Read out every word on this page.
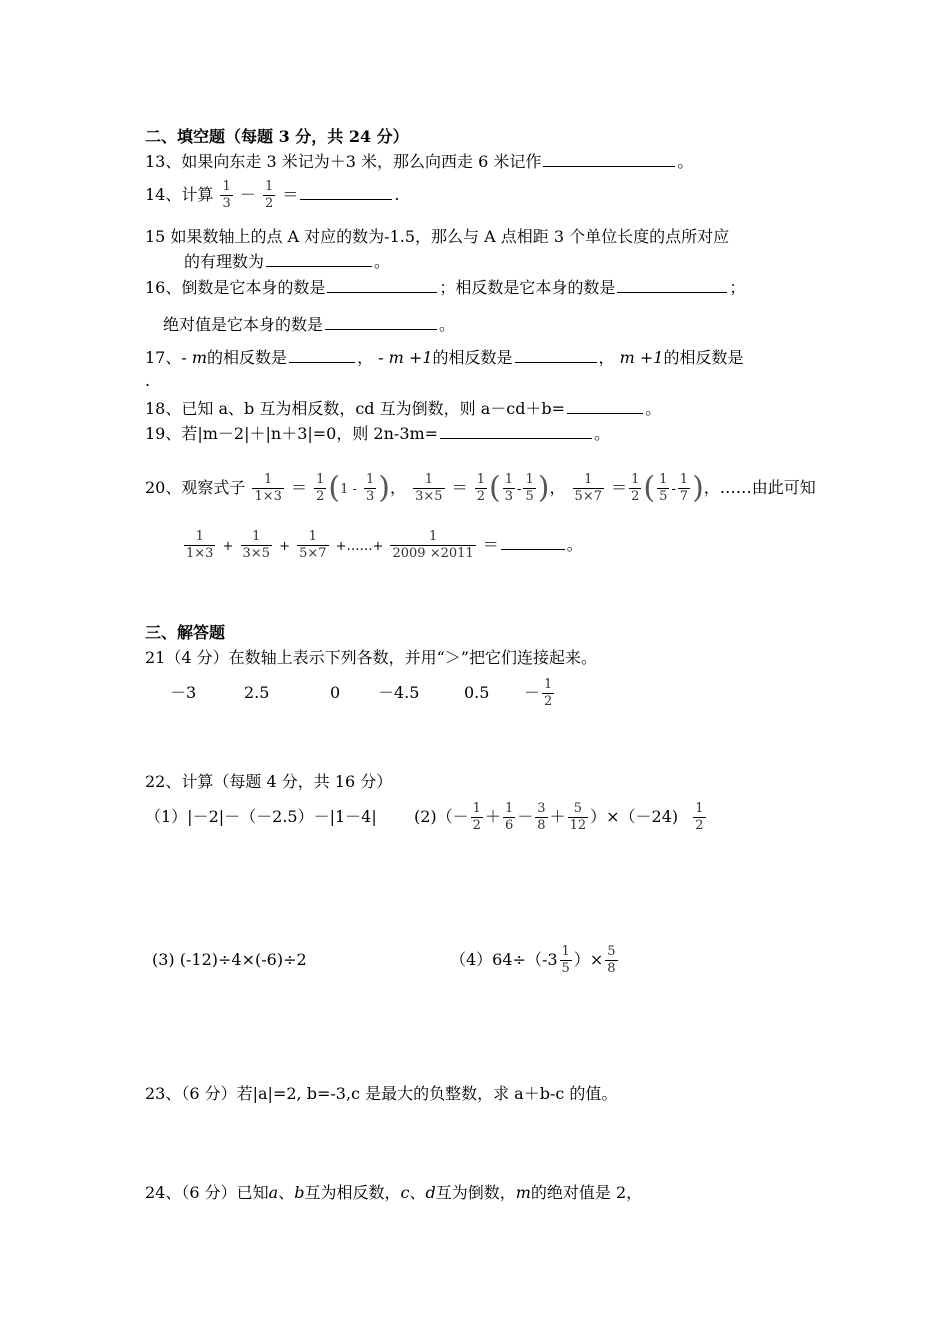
二、填空题（每题 3 分，共 24 分）
13、如果向东走 3 米记为＋3 米，那么向西走 6 米记作	。
14、计算 $\frac{1}{3} - \frac{1}{2}$ ＝	.
15 如果数轴上的点 A 对应的数为-1.5，那么与 A 点相距 3 个单位长度的点所对应
的有理数为	。
16、倒数是它本身的数是	；相反数是它本身的数是	；
绝对值是它本身的数是	。
17、- m的相反数是	， - m +1的相反数是	， m +1的相反数是
.
18、已知 a、b 互为相反数，cd 互为倒数，则 a－cd＋b=	。
19、若|m－2|＋|n＋3|=0，则 2n-3m=	。
20、观察式子 $\frac{1}{1\times 3} = \frac{1}{2} (1 - \frac{1}{3}$ )， $\frac{1}{3\times 5} = \frac{1}{2}$ ( $\frac{1}{3} - \frac{1}{5}$ )， $\frac{1}{5\times 7} = \frac{1}{2}$ ( $\frac{1}{5} - \frac{1}{7}$ )，……由此可知
$\frac{1}{1\times 3} + \frac{1}{3\times 5} + \frac{1}{5\times 7}$ +……+ $\frac{1}{2009 \times 2011}$ ＝	。
三、解答题
21（4 分）在数轴上表示下列各数，并用“＞”把它们连接起来。
－3	2.5	0 －4.5	$0.5 - \frac{1}{2}$
22、计算（每题 4 分，共 16 分）
（1）|－2|－（－2.5）－|1－4| $(2)(- \frac{1}{2} + \frac{1}{6} - \frac{3}{8} + \frac{5}{12} )\times(-24) \frac{1}{2}$
(3) (-12)÷4×(-6)÷2	$(4)64\div(-3 \frac{1}{5}$ ）× $\frac{5}{8}$
23、（6 分）若|a|=2, b=-3,c 是最大的负整数，求 a＋b-c 的值。
24、（6 分）已知a、b互为相反数，c、d互为倒数，m的绝对值是 2，
